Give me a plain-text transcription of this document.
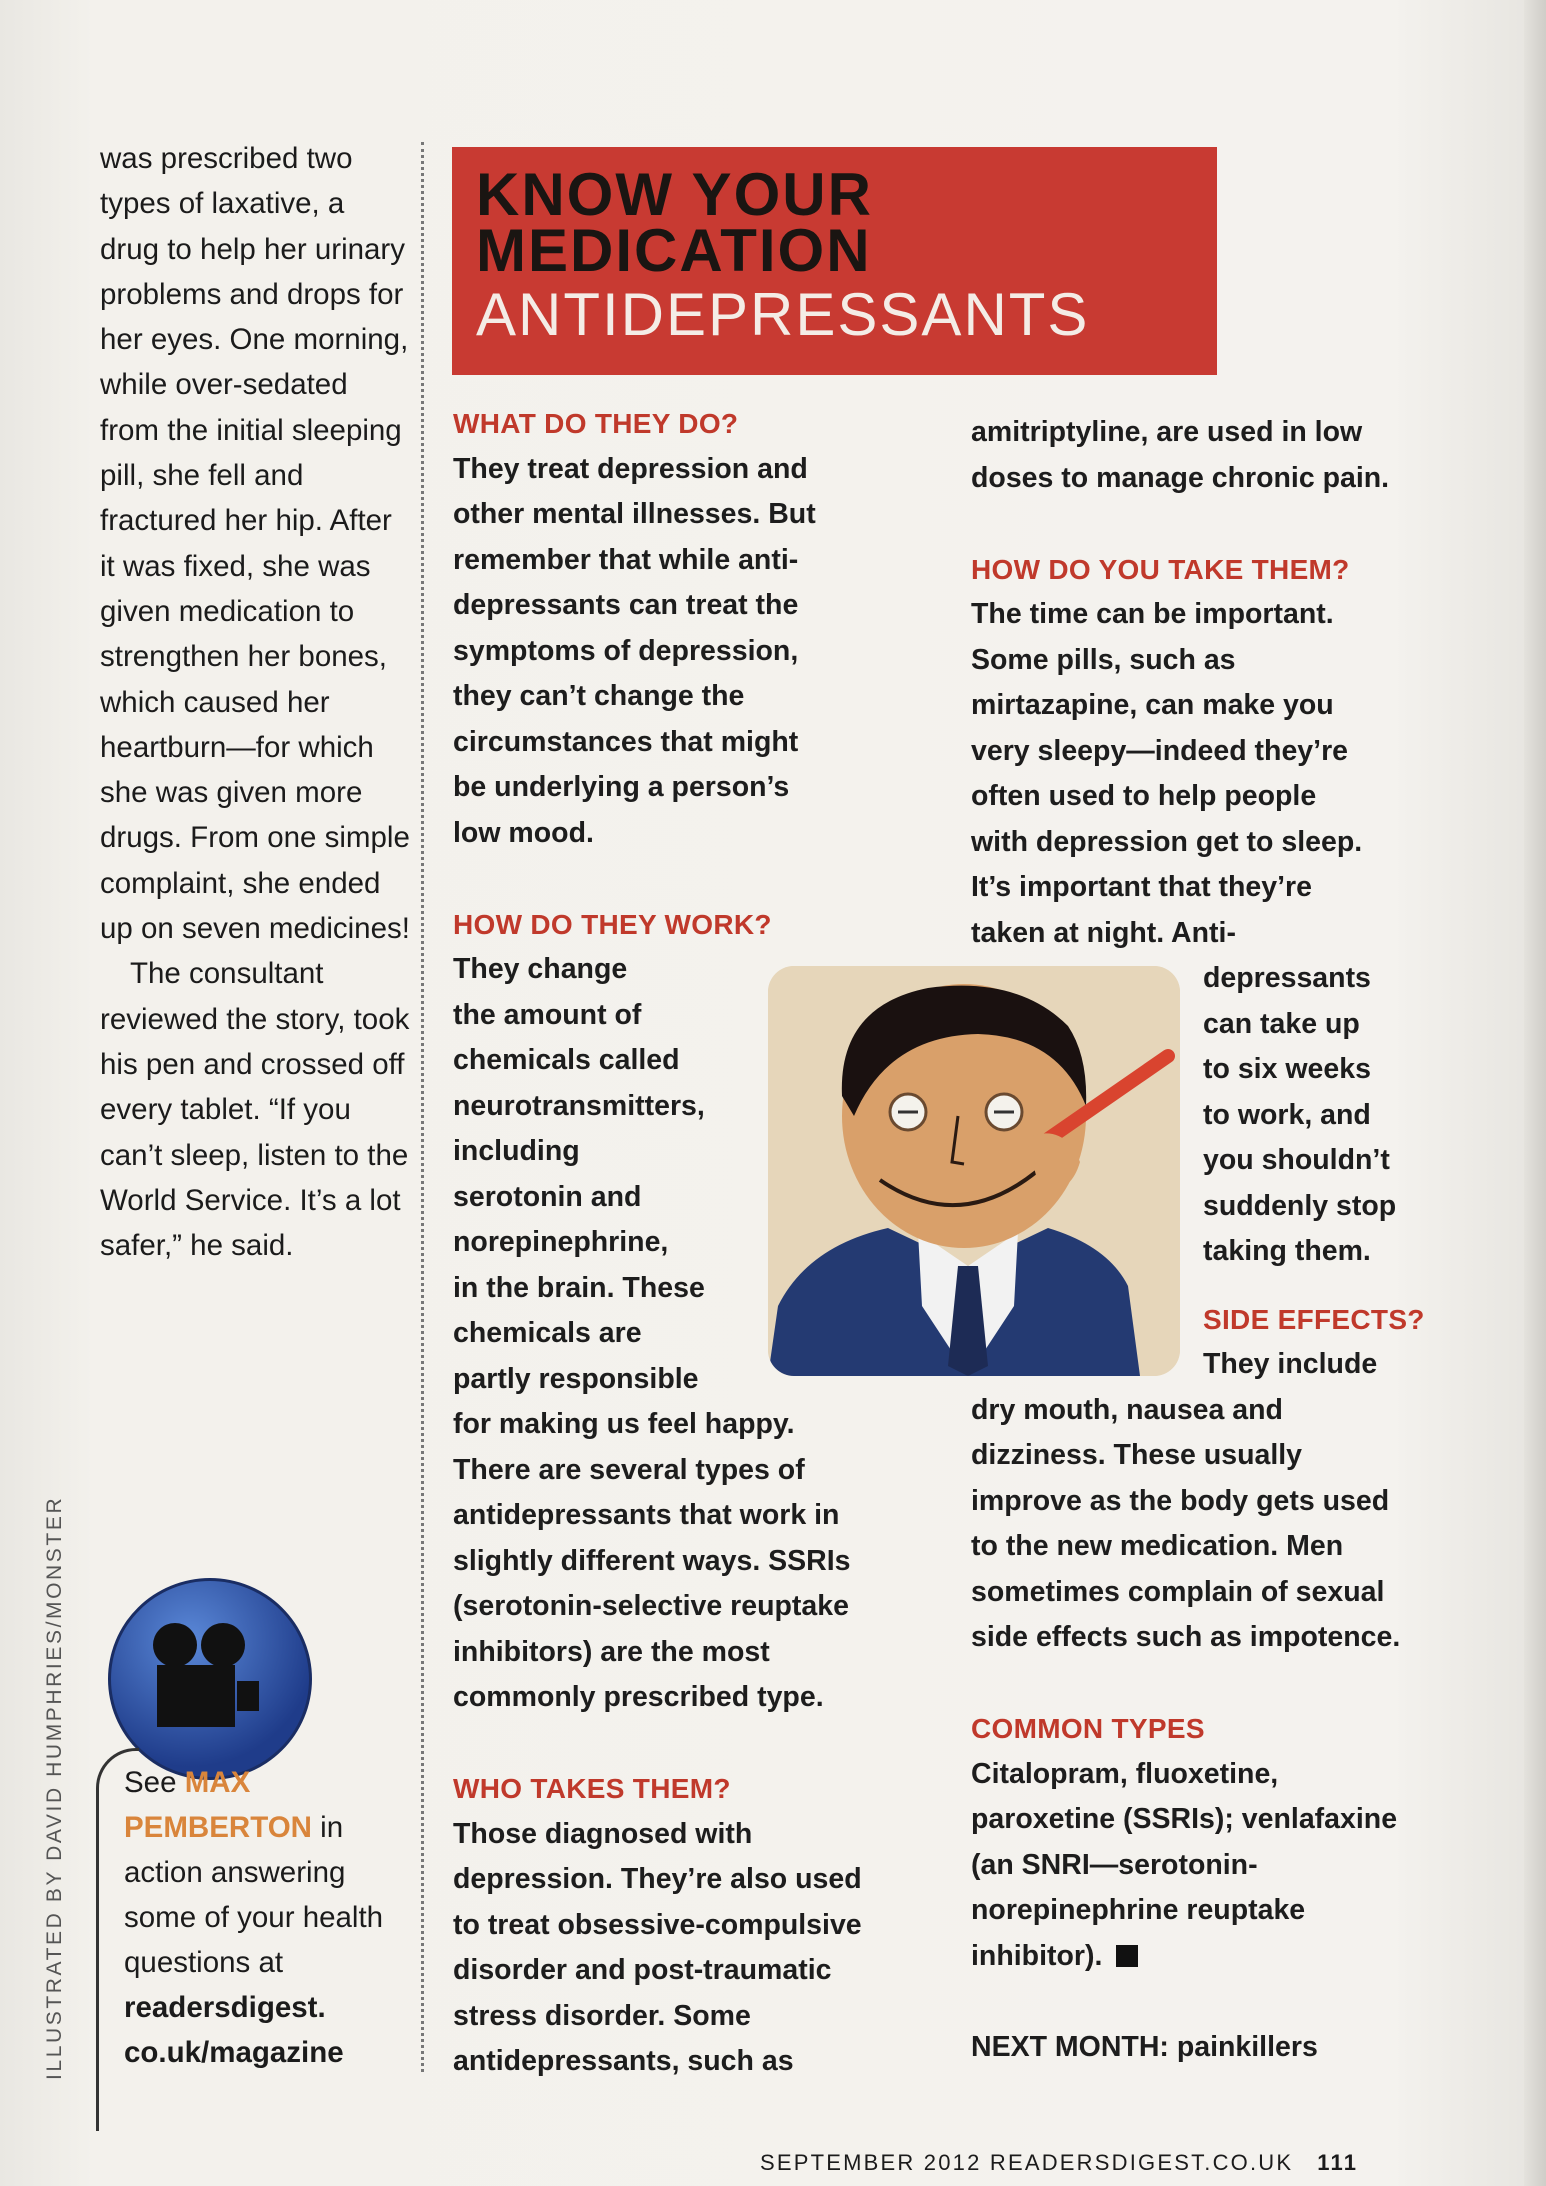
was prescribed two types of laxative, a drug to help her urinary problems and drops for her eyes. One morning, while over-sedated from the initial sleeping pill, she fell and fractured her hip. After it was fixed, she was given medication to strengthen her bones, which caused her heartburn—for which she was given more drugs. From one simple complaint, she ended up on seven medicines!

The consultant reviewed the story, took his pen and crossed off every tablet. “If you can’t sleep, listen to the World Service. It’s a lot safer,” he said.

ILLUSTRATED BY DAVID HUMPHRIES/MONSTER See MAX PEMBERTON in action answering some of your health questions at readersdigest. co.uk/magazine
KNOW YOUR
MEDICATION
ANTIDEPRESSANTS
WHAT DO THEY DO?
They treat depression and
other mental illnesses. But
remember that while anti-
depressants can treat the
symptoms of depression,
they can’t change the
circumstances that might
be underlying a person’s
low mood.
HOW DO THEY WORK?
They change
the amount of
chemicals called
neurotransmitters,
including
serotonin and
norepinephrine,
in the brain. These
chemicals are
partly responsible
for making us feel happy.
There are several types of
antidepressants that work in
slightly different ways. SSRIs
(serotonin-selective reuptake
inhibitors) are the most
commonly prescribed type.
WHO TAKES THEM?
Those diagnosed with
depression. They’re also used
to treat obsessive-compulsive
disorder and post-traumatic
stress disorder. Some
antidepressants, such as
amitriptyline, are used in low
doses to manage chronic pain.
HOW DO YOU TAKE THEM?
The time can be important.
Some pills, such as
mirtazapine, can make you
very sleepy—indeed they’re
often used to help people
with depression get to sleep.
It’s important that they’re
taken at night. Anti-
depressants
can take up
to six weeks
to work, and
you shouldn’t
suddenly stop
taking them.
SIDE EFFECTS?
They include
dry mouth, nausea and
dizziness. These usually
improve as the body gets used
to the new medication. Men
sometimes complain of sexual
side effects such as impotence.
COMMON TYPES
Citalopram, fluoxetine,
paroxetine (SSRIs); venlafaxine
(an SNRI—serotonin-
norepinephrine reuptake
inhibitor).
NEXT MONTH: painkillers
SEPTEMBER 2012 READERSDIGEST.CO.UK 111
